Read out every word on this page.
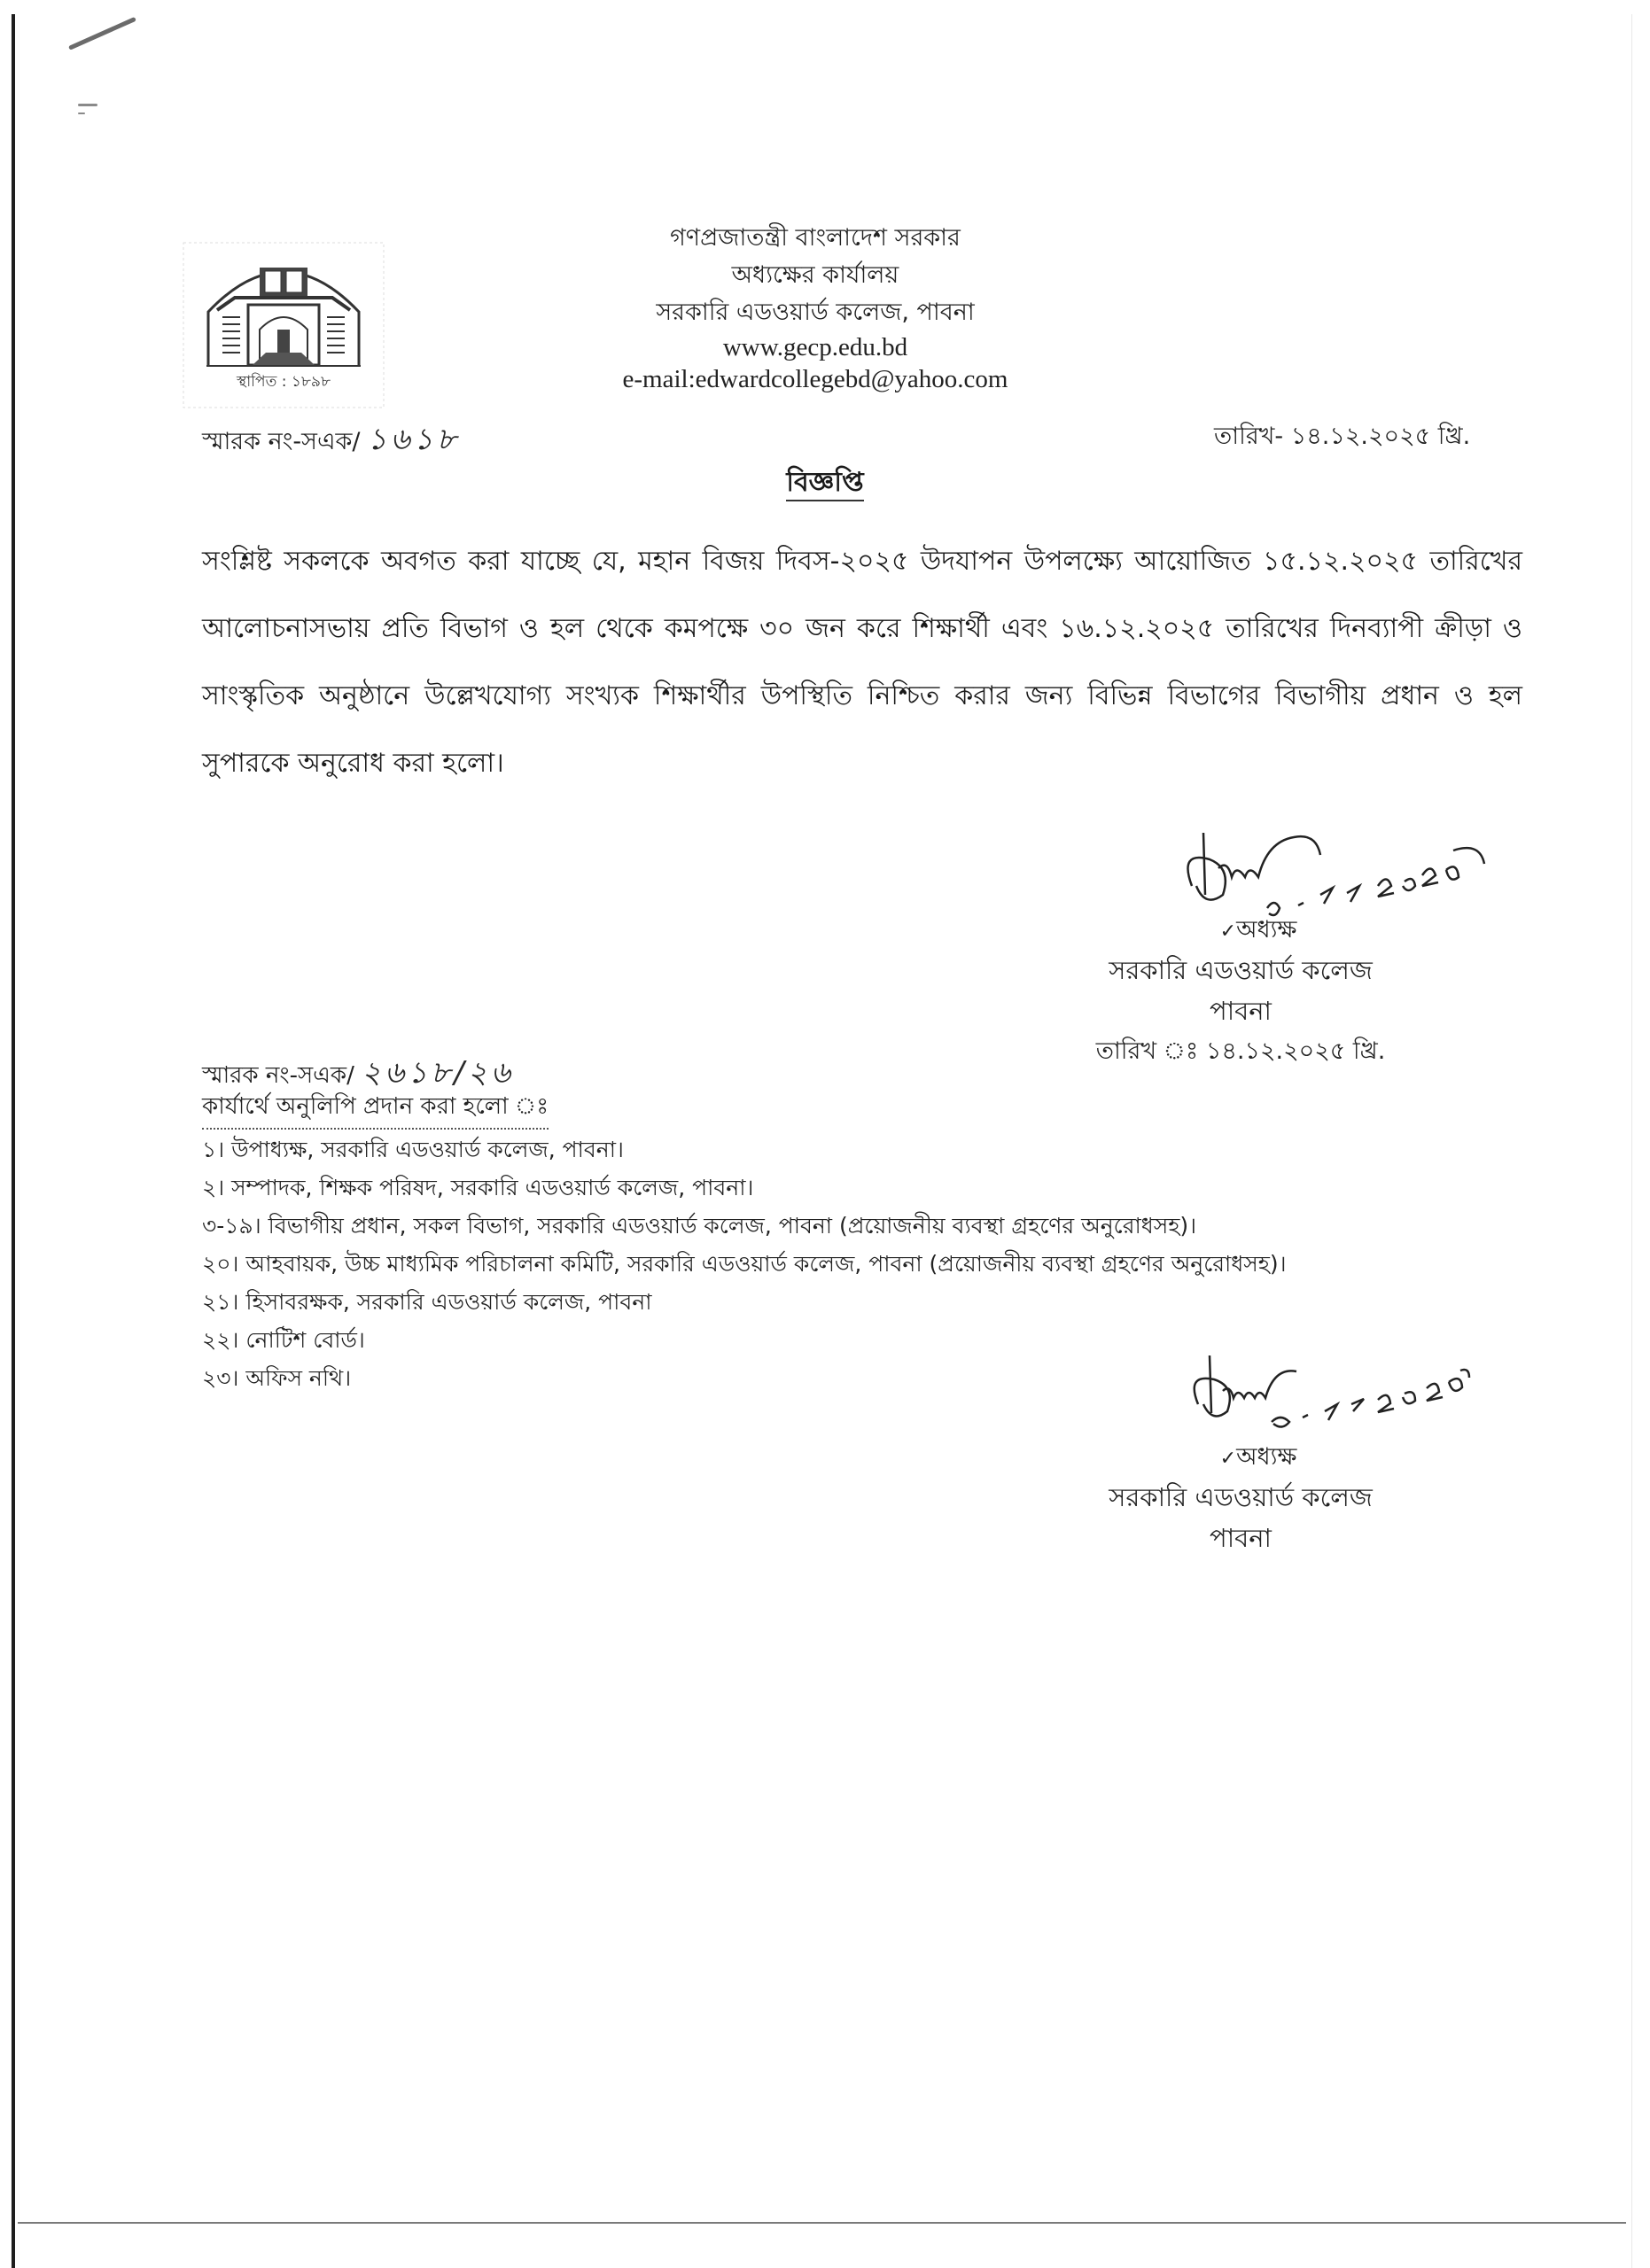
স্থাপিত : ১৮৯৮
গণপ্রজাতন্ত্রী বাংলাদেশ সরকার
অধ্যক্ষের কার্যালয়
সরকারি এডওয়ার্ড কলেজ, পাবনা
www.gecp.edu.bd
e-mail:edwardcollegebd@yahoo.com
স্মারক নং-সএক/ ১৬১৮	তারিখ- ১৪.১২.২০২৫ খ্রি.
বিজ্ঞপ্তি
সংশ্লিষ্ট সকলকে অবগত করা যাচ্ছে যে, মহান বিজয় দিবস-২০২৫ উদযাপন উপলক্ষ্যে আয়োজিত ১৫.১২.২০২৫ তারিখের আলোচনাসভায় প্রতি বিভাগ ও হল থেকে কমপক্ষে ৩০ জন করে শিক্ষার্থী এবং ১৬.১২.২০২৫ তারিখের দিনব্যাপী ক্রীড়া ও সাংস্কৃতিক অনুষ্ঠানে উল্লেখযোগ্য সংখ্যক শিক্ষার্থীর উপস্থিতি নিশ্চিত করার জন্য বিভিন্ন বিভাগের বিভাগীয় প্রধান ও হল সুপারকে অনুরোধ করা হলো।
✓অধ্যক্ষ
সরকারি এডওয়ার্ড কলেজ
পাবনা
তারিখ ঃ ১৪.১২.২০২৫ খ্রি.
স্মারক নং-সএক/ ২৬১৮/২৬
কার্যার্থে অনুলিপি প্রদান করা হলো ঃ
১। উপাধ্যক্ষ, সরকারি এডওয়ার্ড কলেজ, পাবনা।
২। সম্পাদক, শিক্ষক পরিষদ, সরকারি এডওয়ার্ড কলেজ, পাবনা।
৩-১৯। বিভাগীয় প্রধান, সকল বিভাগ, সরকারি এডওয়ার্ড কলেজ, পাবনা (প্রয়োজনীয় ব্যবস্থা গ্রহণের অনুরোধসহ)।
২০। আহবায়ক, উচ্চ মাধ্যমিক পরিচালনা কমিটি, সরকারি এডওয়ার্ড কলেজ, পাবনা (প্রয়োজনীয় ব্যবস্থা গ্রহণের অনুরোধসহ)।
২১। হিসাবরক্ষক, সরকারি এডওয়ার্ড কলেজ, পাবনা
২২। নোটিশ বোর্ড।
২৩। অফিস নথি।
✓অধ্যক্ষ
সরকারি এডওয়ার্ড কলেজ
পাবনা
